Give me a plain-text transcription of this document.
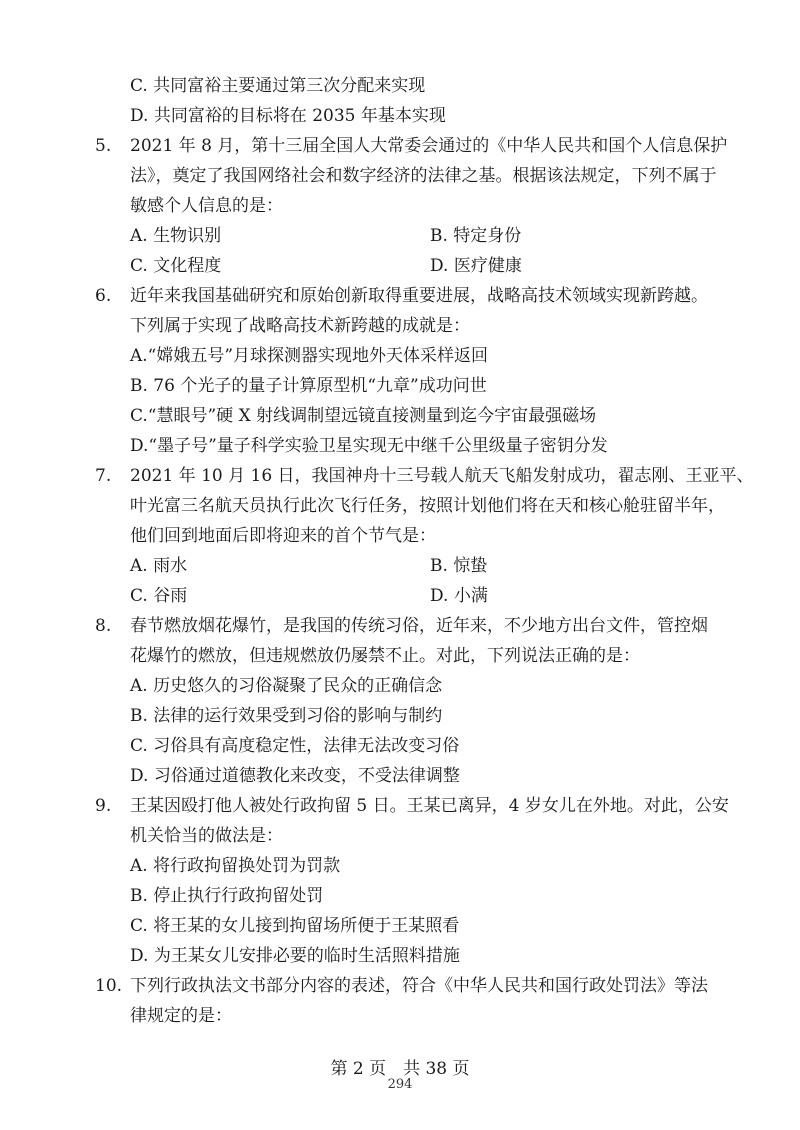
C. 共同富裕主要通过第三次分配来实现
D. 共同富裕的目标将在 2035 年基本实现
5. 2021 年 8 月，第十三届全国人大常委会通过的《中华人民共和国个人信息保护
法》，奠定了我国网络社会和数字经济的法律之基。根据该法规定，下列不属于
敏感个人信息的是：
A. 生物识别	B. 特定身份
C. 文化程度	D. 医疗健康
6. 近年来我国基础研究和原始创新取得重要进展，战略高技术领域实现新跨越。
下列属于实现了战略高技术新跨越的成就是：
A.“嫦娥五号”月球探测器实现地外天体采样返回
B. 76 个光子的量子计算原型机“九章”成功问世
C.“慧眼号”硬 X 射线调制望远镜直接测量到迄今宇宙最强磁场
D.“墨子号”量子科学实验卫星实现无中继千公里级量子密钥分发
7. 2021 年 10 月 16 日，我国神舟十三号载人航天飞船发射成功，翟志刚、王亚平、
叶光富三名航天员执行此次飞行任务，按照计划他们将在天和核心舱驻留半年，
他们回到地面后即将迎来的首个节气是：
A. 雨水	B. 惊蛰
C. 谷雨	D. 小满
8. 春节燃放烟花爆竹，是我国的传统习俗，近年来，不少地方出台文件，管控烟
花爆竹的燃放，但违规燃放仍屡禁不止。对此，下列说法正确的是：
A. 历史悠久的习俗凝聚了民众的正确信念
B. 法律的运行效果受到习俗的影响与制约
C. 习俗具有高度稳定性，法律无法改变习俗
D. 习俗通过道德教化来改变，不受法律调整
9. 王某因殴打他人被处行政拘留 5 日。王某已离异，4 岁女儿在外地。对此，公安
机关恰当的做法是：
A. 将行政拘留换处罚为罚款
B. 停止执行行政拘留处罚
C. 将王某的女儿接到拘留场所便于王某照看
D. 为王某女儿安排必要的临时生活照料措施
10. 下列行政执法文书部分内容的表述，符合《中华人民共和国行政处罚法》等法
律规定的是：
第 2 页　共 38 页
294
